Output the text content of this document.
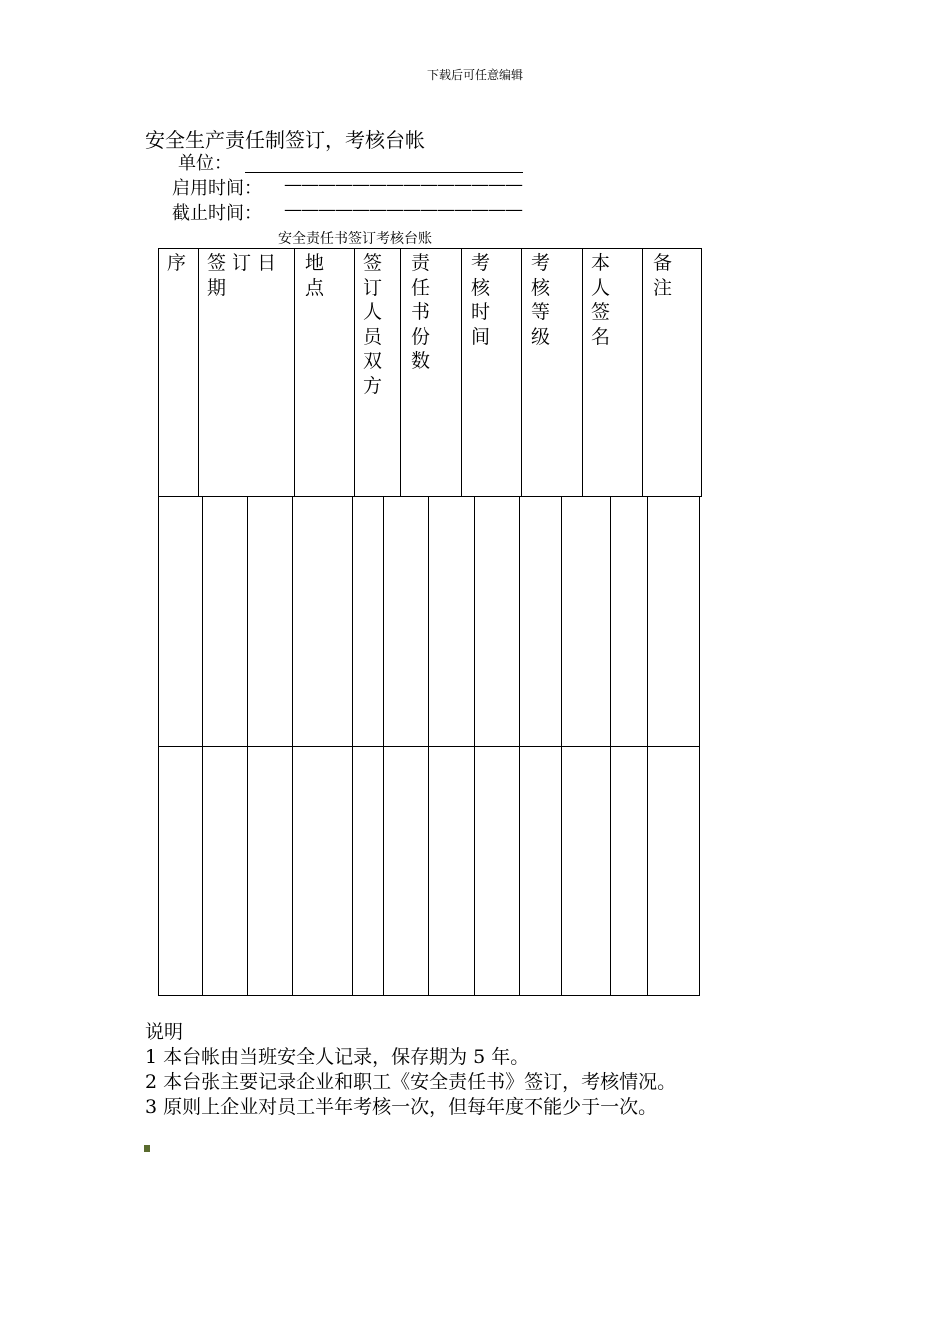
下载后可任意编辑
安全生产责任制签订，考核台帐
单位：
启用时间： ——————————————
截止时间： ——————————————
安全责任书签订考核台账
序	签 订 日期
地点
签订人员双方
责任书份数
考核时间
考核等级
本人签名
备注
说明
1 本台帐由当班安全人记录，保存期为 5 年。
2 本台张主要记录企业和职工《安全责任书》签订，考核情况。
3 原则上企业对员工半年考核一次，但每年度不能少于一次。
